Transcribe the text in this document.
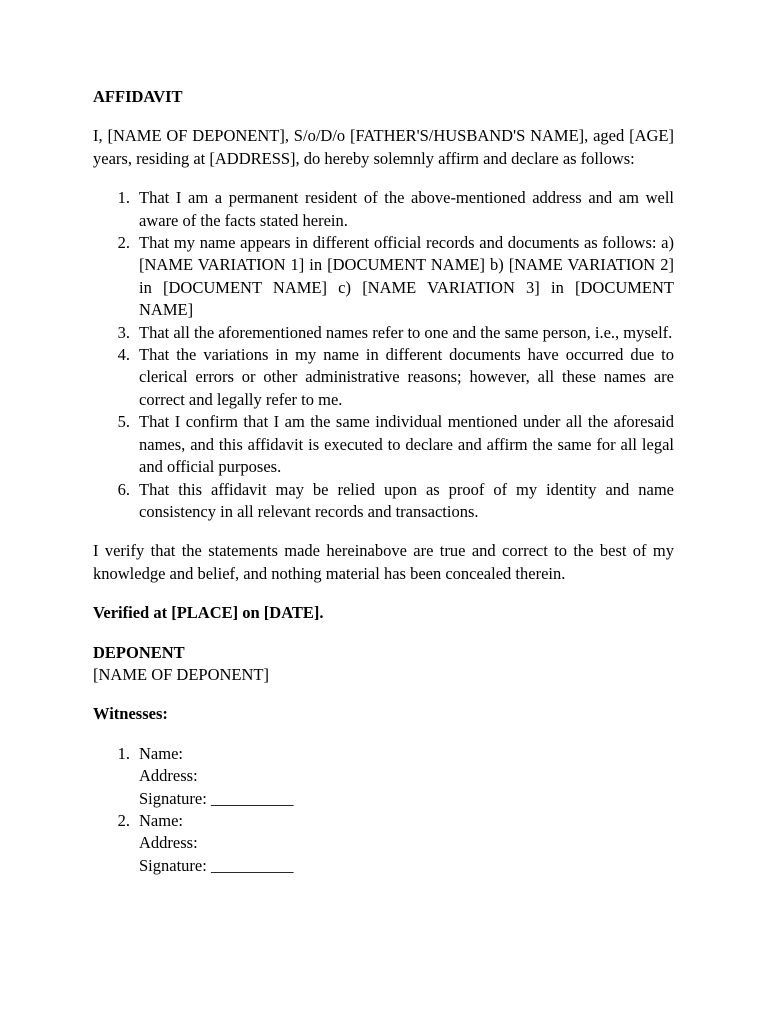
AFFIDAVIT

I, [NAME OF DEPONENT], S/o/D/o [FATHER'S/HUSBAND'S NAME], aged [AGE] years, residing at [ADDRESS], do hereby solemnly affirm and declare as follows:

1. That I am a permanent resident of the above-mentioned address and am well aware of the facts stated herein.
2. That my name appears in different official records and documents as follows: a) [NAME VARIATION 1] in [DOCUMENT NAME] b) [NAME VARIATION 2] in [DOCUMENT NAME] c) [NAME VARIATION 3] in [DOCUMENT NAME]
3. That all the aforementioned names refer to one and the same person, i.e., myself.
4. That the variations in my name in different documents have occurred due to clerical errors or other administrative reasons; however, all these names are correct and legally refer to me.
5. That I confirm that I am the same individual mentioned under all the aforesaid names, and this affidavit is executed to declare and affirm the same for all legal and official purposes.
6. That this affidavit may be relied upon as proof of my identity and name consistency in all relevant records and transactions.

I verify that the statements made hereinabove are true and correct to the best of my knowledge and belief, and nothing material has been concealed therein.

Verified at [PLACE] on [DATE].
DEPONENT
[NAME OF DEPONENT]
Witnesses:
1. Name:
Address:
Signature: __________
2. Name:
Address:
Signature: __________
